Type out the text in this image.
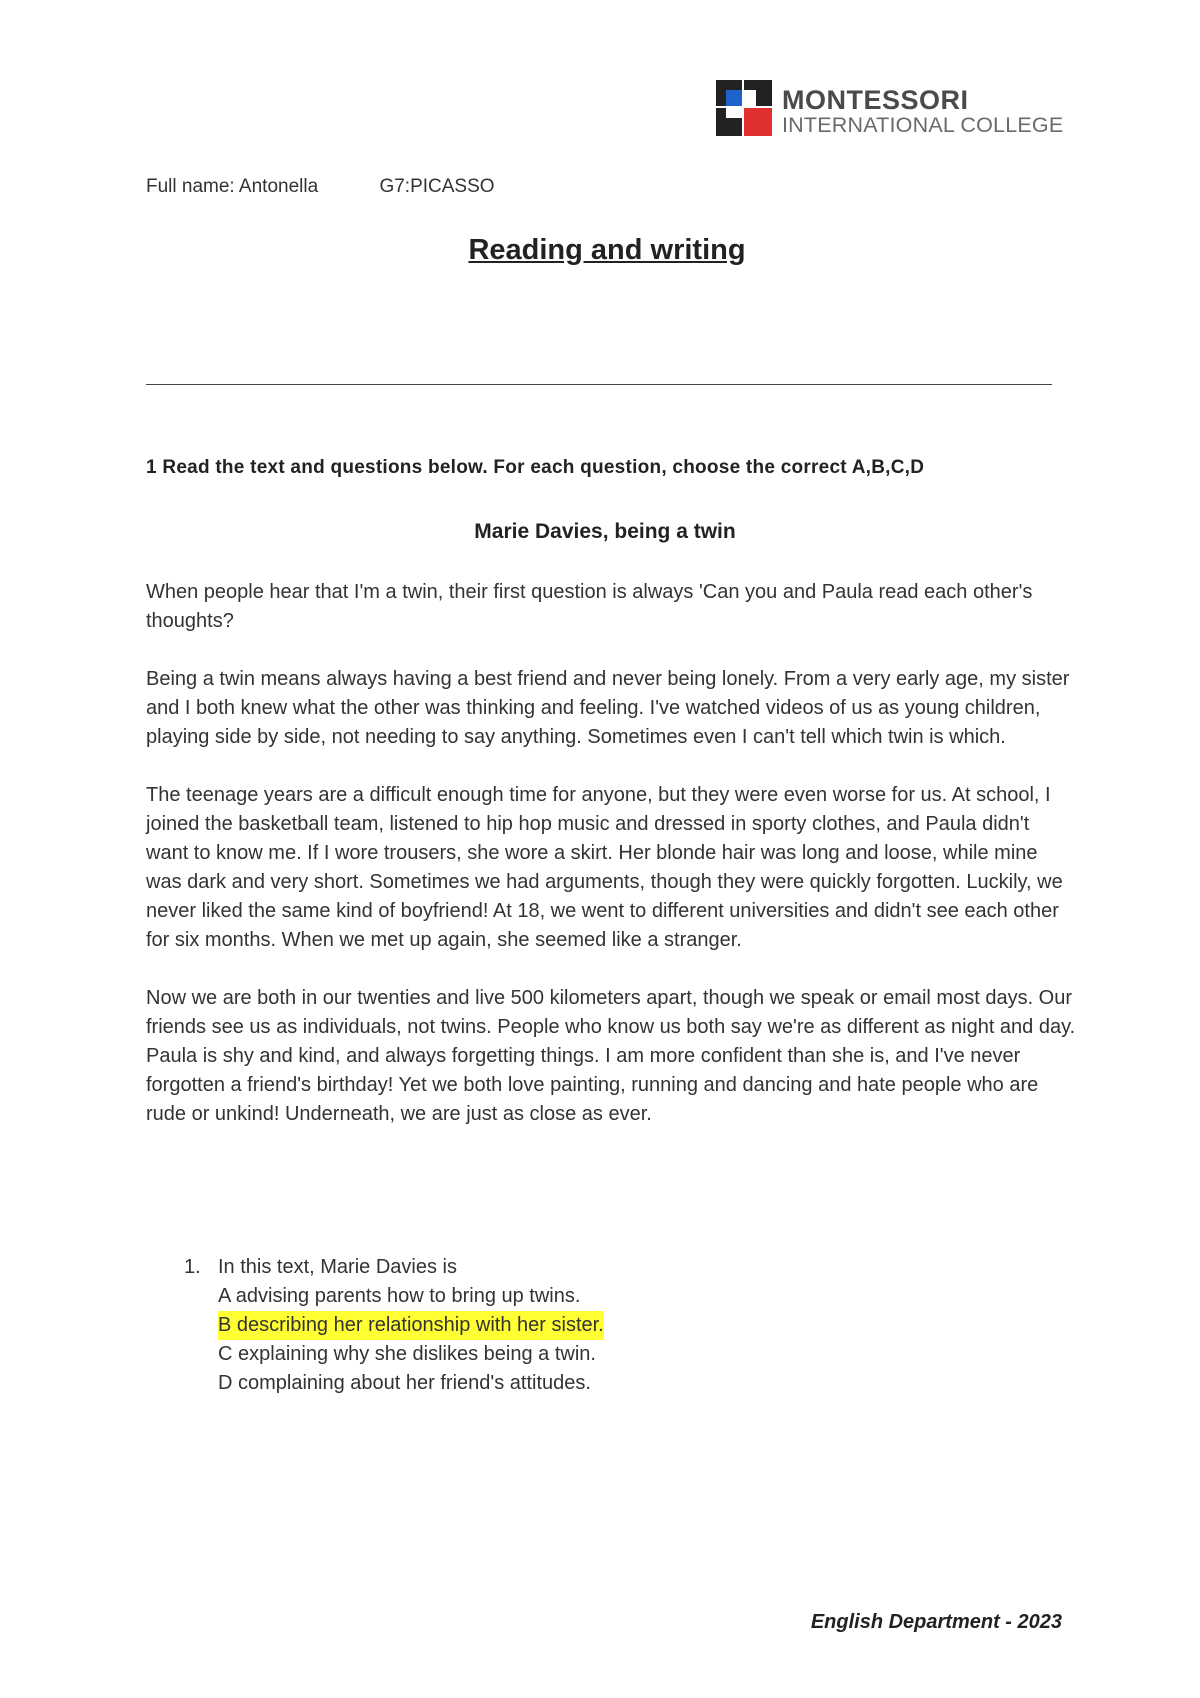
MONTESSORI
INTERNATIONAL COLLEGE
Full name: Antonella	G7:PICASSO
Reading and writing
1 Read the text and questions below. For each question, choose the correct A,B,C,D
Marie Davies, being a twin

When people hear that I'm a twin, their first question is always 'Can you and Paula read each other's thoughts?

Being a twin means always having a best friend and never being lonely. From a very early age, my sister and I both knew what the other was thinking and feeling. I've watched videos of us as young children, playing side by side, not needing to say anything. Sometimes even I can't tell which twin is which.

The teenage years are a difficult enough time for anyone, but they were even worse for us. At school, I joined the basketball team, listened to hip hop music and dressed in sporty clothes, and Paula didn't want to know me. If I wore trousers, she wore a skirt. Her blonde hair was long and loose, while mine was dark and very short. Sometimes we had arguments, though they were quickly forgotten. Luckily, we never liked the same kind of boyfriend! At 18, we went to different universities and didn't see each other for six months. When we met up again, she seemed like a stranger.

Now we are both in our twenties and live 500 kilometers apart, though we speak or email most days. Our friends see us as individuals, not twins. People who know us both say we're as different as night and day. Paula is shy and kind, and always forgetting things. I am more confident than she is, and I've never forgotten a friend's birthday! Yet we both love painting, running and dancing and hate people who are rude or unkind! Underneath, we are just as close as ever.

1. In this text, Marie Davies is
A advising parents how to bring up twins.
B describing her relationship with her sister.
C explaining why she dislikes being a twin.
D complaining about her friend's attitudes.
English Department - 2023
